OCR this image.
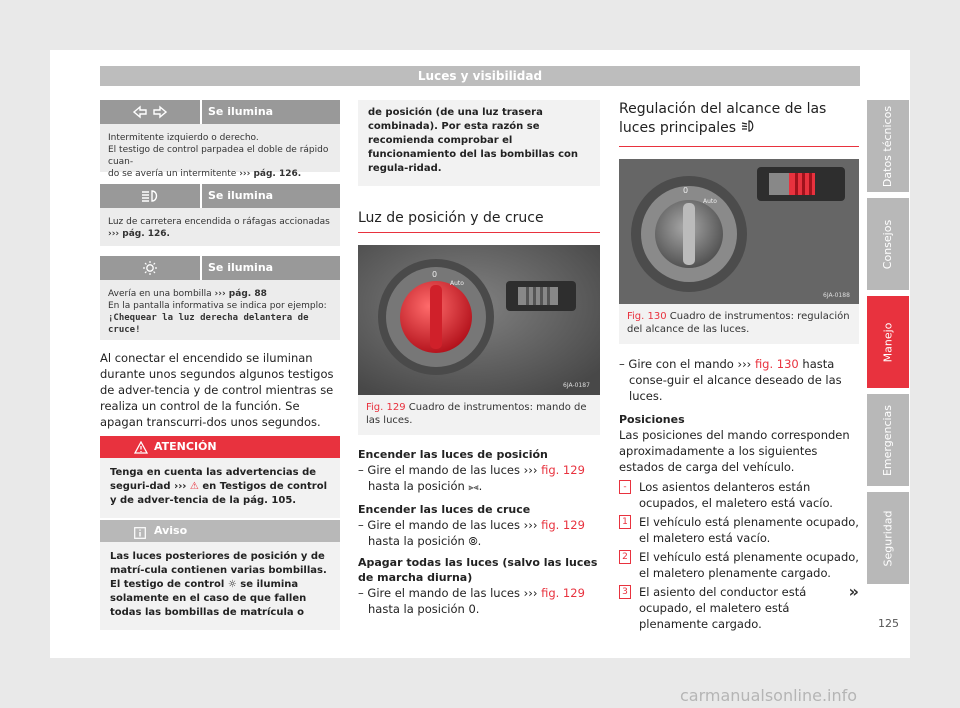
Luces y visibilidad
Se ilumina
Intermitente izquierdo o derecho.
El testigo de control parpadea el doble de rápido cuan-
do se avería un intermitente ››› pág. 126.
Se ilumina
Luz de carretera encendida o ráfagas accionadas
››› pág. 126.
Se ilumina
Avería en una bombilla ››› pág. 88
En la pantalla informativa se indica por ejemplo:
¡Chequear la luz derecha delantera de
cruce!
Al conectar el encendido se iluminan durante unos segundos algunos testigos de adver-tencia y de control mientras se realiza un control de la función. Se apagan transcurri-dos unos segundos.
ATENCIÓN
Tenga en cuenta las advertencias de seguri-dad ››› ⚠ en Testigos de control y de adver-tencia de la pág. 105.
Aviso
Las luces posteriores de posición y de matrí-cula contienen varias bombillas. El testigo de control ☼ se ilumina solamente en el caso de que fallen todas las bombillas de matrícula o
de posición (de una luz trasera combinada). Por esta razón se recomienda comprobar el funcionamiento del las bombillas con regula-ridad.
Luz de posición y de cruce
0
Auto
6JA-0187
Fig. 129 Cuadro de instrumentos: mando de las luces.
Encender las luces de posición
– Gire el mando de las luces ››› fig. 129 hasta la posición ⫸⫷.
Encender las luces de cruce
– Gire el mando de las luces ››› fig. 129 hasta la posición ⦾.
Apagar todas las luces (salvo las luces de marcha diurna)
– Gire el mando de las luces ››› fig. 129 hasta la posición 0.
Regulación del alcance de las luces principales
0
Auto
6JA-0188
Fig. 130 Cuadro de instrumentos: regulación del alcance de las luces.
– Gire con el mando ››› fig. 130 hasta conse-guir el alcance deseado de las luces.
Posiciones
Las posiciones del mando corresponden aproximadamente a los siguientes estados de carga del vehículo.
-	Los asientos delanteros están ocupados, el maletero está vacío.
1 El vehículo está plenamente ocupado, el maletero está vacío.
2 El vehículo está plenamente ocupado, el maletero plenamente cargado.
3 El asiento del conductor está ocupado, el maletero está plenamente cargado.
»
Datos técnicos
Consejos
Manejo
Emergencias
Seguridad
125
carmanualsonline.info
